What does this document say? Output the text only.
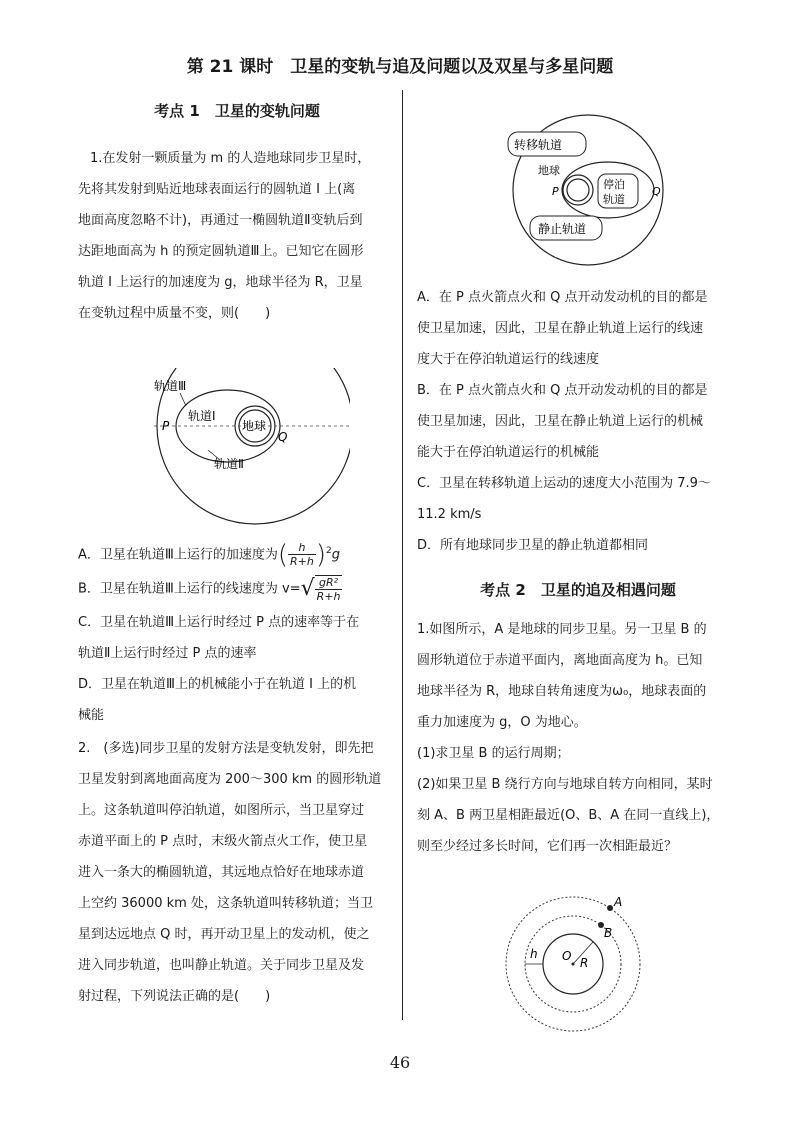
第 21 课时　卫星的变轨与追及问题以及双星与多星问题

考点 1　卫星的变轨问题

1.在发射一颗质量为 m 的人造地球同步卫星时，

先将其发射到贴近地球表面运行的圆轨道 Ⅰ 上(离

地面高度忽略不计)，再通过一椭圆轨道Ⅱ变轨后到

达距地面高为 h 的预定圆轨道Ⅲ上。已知它在圆形

轨道 Ⅰ 上运行的加速度为 g，地球半径为 R，卫星

在变轨过程中质量不变，则(　　)

轨道Ⅲ
轨道Ⅰ
地球
轨道Ⅱ
P
Q

A．卫星在轨道Ⅲ上运行的加速度为( $\frac{h}{R+h} )^2g$

B．卫星在轨道Ⅲ上运行的线速度为 $v=√ \frac{\text{gR²}}{R+h}$

C．卫星在轨道Ⅲ上运行时经过 P 点的速率等于在

轨道Ⅱ上运行时经过 P 点的速率

D．卫星在轨道Ⅲ上的机械能小于在轨道 Ⅰ 上的机

械能

2.　(多选)同步卫星的发射方法是变轨发射，即先把

卫星发射到离地面高度为 200～300 km 的圆形轨道

上。这条轨道叫停泊轨道，如图所示，当卫星穿过

赤道平面上的 P 点时，末级火箭点火工作，使卫星

进入一条大的椭圆轨道，其远地点恰好在地球赤道

上空约 36000 km 处，这条轨道叫转移轨道；当卫

星到达远地点 Q 时，再开动卫星上的发动机，使之

进入同步轨道，也叫静止轨道。关于同步卫星及发

射过程，下列说法正确的是(　　)

转移轨道
地球
停泊
轨道
P	Q
静止轨道

A．在 P 点火箭点火和 Q 点开动发动机的目的都是

使卫星加速，因此，卫星在静止轨道上运行的线速

度大于在停泊轨道运行的线速度

B．在 P 点火箭点火和 Q 点开动发动机的目的都是

使卫星加速，因此，卫星在静止轨道上运行的机械

能大于在停泊轨道运行的机械能

C．卫星在转移轨道上运动的速度大小范围为 7.9～

11.2 km/s

D．所有地球同步卫星的静止轨道都相同

考点 2　卫星的追及相遇问题

1.如图所示，A 是地球的同步卫星。另一卫星 B 的

圆形轨道位于赤道平面内，离地面高度为 h。已知

地球半径为 R，地球自转角速度为ω₀，地球表面的

重力加速度为 g，O 为地心。

(1)求卫星 B 的运行周期；

(2)如果卫星 B 绕行方向与地球自转方向相同，某时

刻 A、B 两卫星相距最近(O、B、A 在同一直线上)，

则至少经过多长时间，它们再一次相距最近？

A
B
O R
h
46
